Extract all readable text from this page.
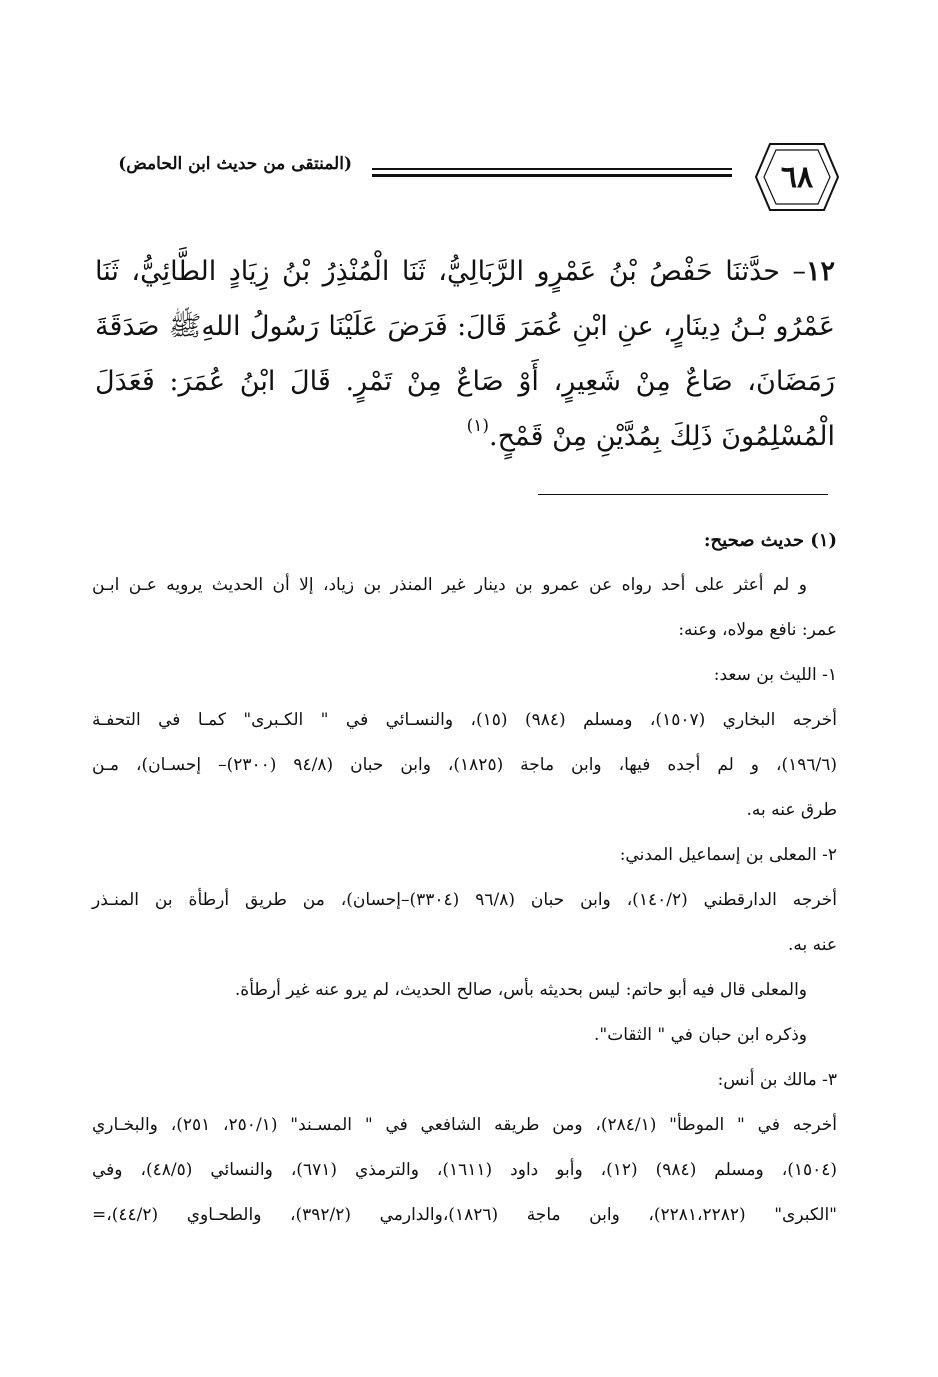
٦٨
(المنتقى من حديث ابن الحامض)
١٢– حدَّثنَا حَفْصُ بْنُ عَمْرٍو الرَّبَالِيُّ، ثَنَا الْمُنْذِرُ بْنُ زِيَادٍ الطَّائِيُّ، ثَنَا عَمْرُو بْـنُ دِينَارٍ، عنِ ابْنِ عُمَرَ قَالَ: فَرَضَ عَلَيْنَا رَسُولُ اللهِﷺ صَدَقَةَ رَمَضَانَ، صَاعٌ مِنْ شَعِيرٍ، أَوْ صَاعٌ مِنْ تَمْرٍ. قَالَ ابْنُ عُمَرَ: فَعَدَلَ الْمُسْلِمُونَ ذَلِكَ بِمُدَّيْنِ مِنْ قَمْحٍ.$^{(١)}$
(١) حديث صحيح:
و لم أعثر على أحد رواه عن عمرو بن دينار غير المنذر بن زياد، إلا أن الحديث يرويه عـن ابـن
عمر: نافع مولاه، وعنه:
١- الليث بن سعد:
أخرجه البخاري (١٥٠٧)، ومسلم (٩٨٤) (١٥)، والنسـائي في " الكـبرى" كمـا في التحفـة
(١٩٦/٦)، و لم أجده فيها، وابن ماجة (١٨٢٥)، وابن حبان (٩٤/٨ (٢٣٠٠)– إحسـان)، مـن
طرق عنه به.
٢- المعلى بن إسماعيل المدني:
أخرجه الدارقطني (١٤٠/٢)، وابن حبان (٩٦/٨ (٣٣٠٤)–إحسان)، من طريق أرطأة بن المنـذر
عنه به.
والمعلى قال فيه أبو حاتم: ليس بحديثه بأس، صالح الحديث، لم يرو عنه غير أرطأة.
وذكره ابن حبان في " الثقات".
٣- مالك بن أنس:
أخرجه في " الموطأ" (٢٨٤/١)، ومن طريقه الشافعي في " المسـند" (٢٥٠/١، ٢٥١)، والبخـاري
(١٥٠٤)، ومسلم (٩٨٤) (١٢)، وأبو داود (١٦١١)، والترمذي (٦٧١)، والنسائي (٤٨/٥)، وفي
"الكبرى" (٢٢٨١،٢٢٨٢)، وابن ماجة (١٨٢٦)،والدارمي (٣٩٢/٢)، والطحـاوي (٤٤/٢)،=
